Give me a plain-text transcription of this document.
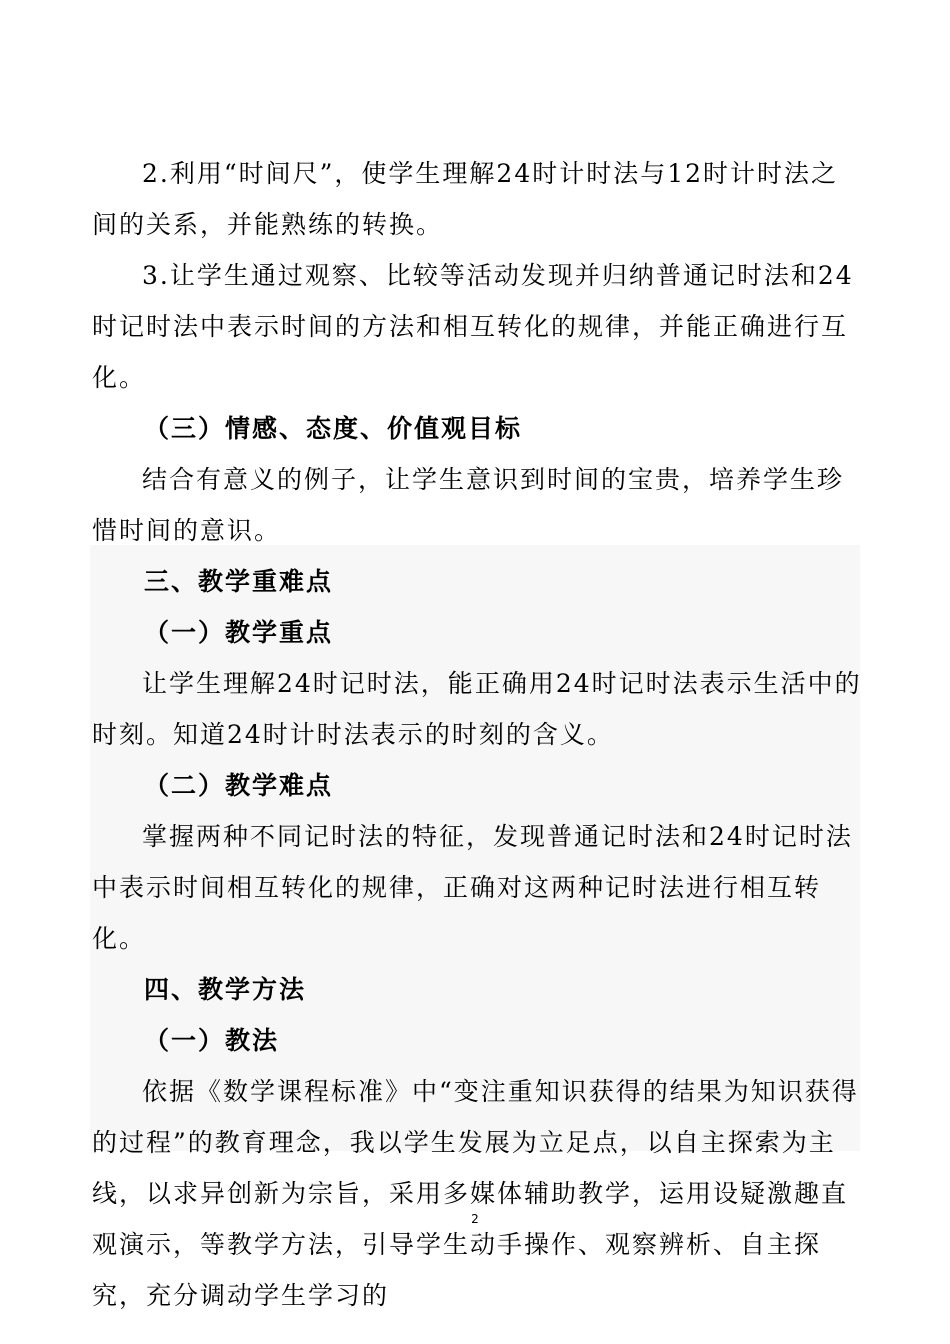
2.利用“时间尺”，使学生理解24时计时法与12时计时法之间的关系，并能熟练的转换。

3.让学生通过观察、比较等活动发现并归纳普通记时法和24时记时法中表示时间的方法和相互转化的规律，并能正确进行互化。

（三）情感、态度、价值观目标

结合有意义的例子，让学生意识到时间的宝贵，培养学生珍惜时间的意识。

三、教学重难点

（一）教学重点

让学生理解24时记时法，能正确用24时记时法表示生活中的时刻。知道24时计时法表示的时刻的含义。

（二）教学难点

掌握两种不同记时法的特征，发现普通记时法和24时记时法中表示时间相互转化的规律，正确对这两种记时法进行相互转化。

四、教学方法

（一）教法

依据《数学课程标准》中“变注重知识获得的结果为知识获得的过程”的教育理念，我以学生发展为立足点，以自主探索为主线，以求异创新为宗旨，采用多媒体辅助教学，运用设疑激趣直观演示，等教学方法，引导学生动手操作、观察辨析、自主探究，充分调动学生学习的

2
